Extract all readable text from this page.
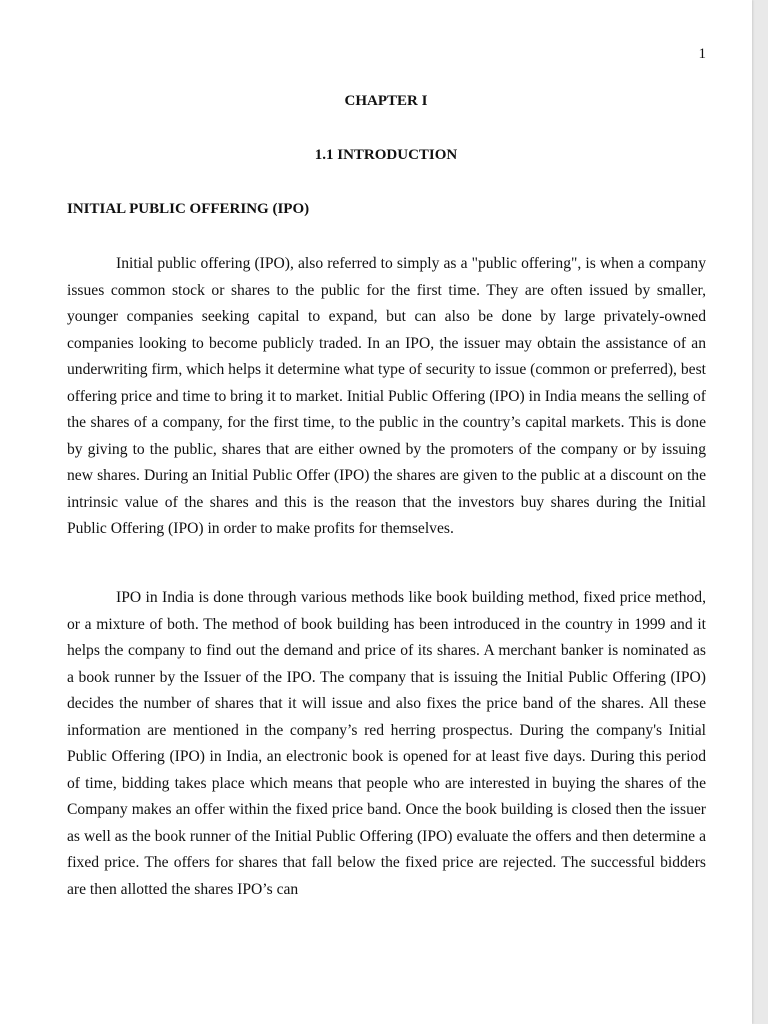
1
CHAPTER I
1.1 INTRODUCTION
INITIAL PUBLIC OFFERING (IPO)

Initial public offering (IPO), also referred to simply as a "public offering", is when a company issues common stock or shares to the public for the first time. They are often issued by smaller, younger companies seeking capital to expand, but can also be done by large privately-owned companies looking to become publicly traded. In an IPO, the issuer may obtain the assistance of an underwriting firm, which helps it determine what type of security to issue (common or preferred), best offering price and time to bring it to market. Initial Public Offering (IPO) in India means the selling of the shares of a company, for the first time, to the public in the country’s capital markets. This is done by giving to the public, shares that are either owned by the promoters of the company or by issuing new shares. During an Initial Public Offer (IPO) the shares are given to the public at a discount on the intrinsic value of the shares and this is the reason that the investors buy shares during the Initial Public Offering (IPO) in order to make profits for themselves.

IPO in India is done through various methods like book building method, fixed price method, or a mixture of both. The method of book building has been introduced in the country in 1999 and it helps the company to find out the demand and price of its shares. A merchant banker is nominated as a book runner by the Issuer of the IPO. The company that is issuing the Initial Public Offering (IPO) decides the number of shares that it will issue and also fixes the price band of the shares. All these information are mentioned in the company’s red herring prospectus. During the company's Initial Public Offering (IPO) in India, an electronic book is opened for at least five days. During this period of time, bidding takes place which means that people who are interested in buying the shares of the Company makes an offer within the fixed price band. Once the book building is closed then the issuer as well as the book runner of the Initial Public Offering (IPO) evaluate the offers and then determine a fixed price. The offers for shares that fall below the fixed price are rejected. The successful bidders are then allotted the shares IPO’s can
